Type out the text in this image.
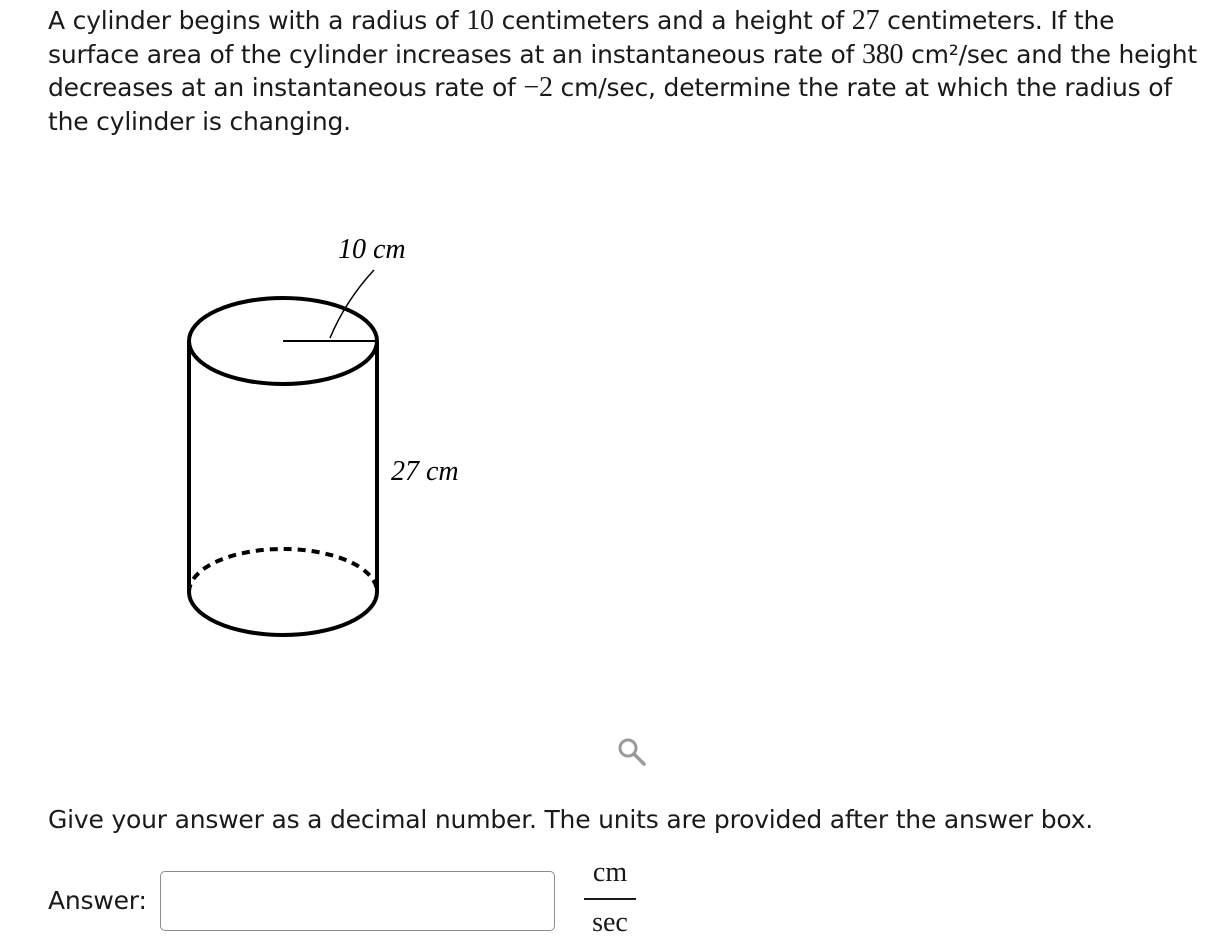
A cylinder begins with a radius of 10 centimeters and a height of 27 centimeters. If the surface area of the cylinder increases at an instantaneous rate of 380 cm²/sec and the height decreases at an instantaneous rate of −2 cm/sec, determine the rate at which the radius of the cylinder is changing.

10 cm
27 cm

Give your answer as a decimal number. The units are provided after the answer box.

Answer:
cm
sec
